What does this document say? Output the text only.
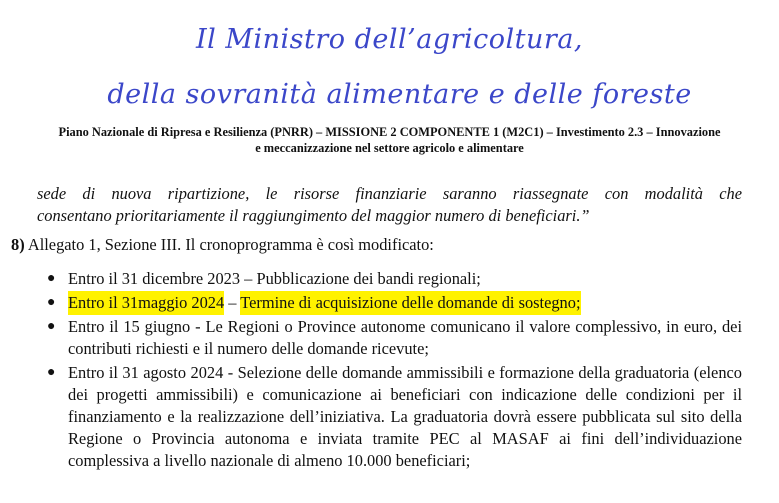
Il Ministro dell’agricoltura,
della sovranità alimentare e delle foreste
Piano Nazionale di Ripresa e Resilienza (PNRR) – MISSIONE 2 COMPONENTE 1 (M2C1) – Investimento 2.3 – Innovazione
e meccanizzazione nel settore agricolo e alimentare
sede di nuova ripartizione, le risorse finanziarie saranno riassegnate con modalità che
consentano prioritariamente il raggiungimento del maggior numero di beneficiari.”
8) Allegato 1, Sezione III. Il cronoprogramma è così modificato:
● Entro il 31 dicembre 2023 – Pubblicazione dei bandi regionali;
● Entro il 31maggio 2024 – Termine di acquisizione delle domande di sostegno;
● Entro il 15 giugno - Le Regioni o Province autonome comunicano il valore complessivo, in euro, dei contributi richiesti e il numero delle domande ricevute;
● Entro il 31 agosto 2024 - Selezione delle domande ammissibili e formazione della graduatoria (elenco dei progetti ammissibili) e comunicazione ai beneficiari con indicazione delle condizioni per il finanziamento e la realizzazione dell’iniziativa. La graduatoria dovrà essere pubblicata sul sito della Regione o Provincia autonoma e inviata tramite PEC al MASAF ai fini dell’individuazione complessiva a livello nazionale di almeno 10.000 beneficiari;
